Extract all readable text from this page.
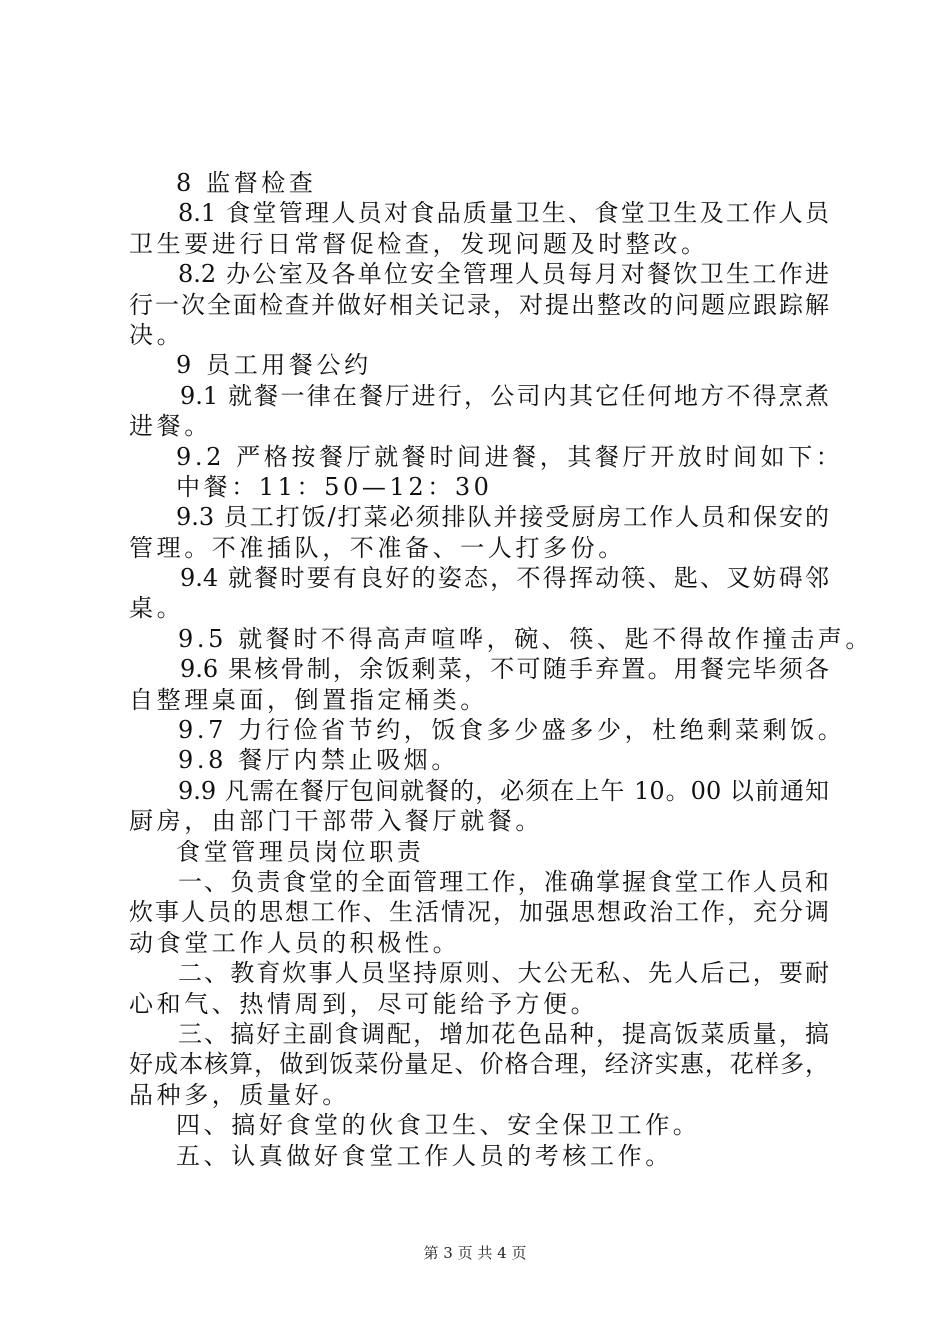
8 监督检查
8.1 食堂管理人员对食品质量卫生、食堂卫生及工作人员
卫生要进行日常督促检查，发现问题及时整改。
8.2 办公室及各单位安全管理人员每月对餐饮卫生工作进
行一次全面检查并做好相关记录，对提出整改的问题应跟踪解
决。
9 员工用餐公约
9.1 就餐一律在餐厅进行，公司内其它任何地方不得烹煮
进餐。
9.2 严格按餐厅就餐时间进餐，其餐厅开放时间如下：
中餐：11：50—12：30
9.3 员工打饭/打菜必须排队并接受厨房工作人员和保安的
管理。不准插队，不准备、一人打多份。
9.4 就餐时要有良好的姿态，不得挥动筷、匙、叉妨碍邻
桌。
9.5 就餐时不得高声喧哗，碗、筷、匙不得故作撞击声。
9.6 果核骨制，余饭剩菜，不可随手弃置。用餐完毕须各
自整理桌面，倒置指定桶类。
9.7 力行俭省节约，饭食多少盛多少，杜绝剩菜剩饭。
9.8 餐厅内禁止吸烟。
9.9 凡需在餐厅包间就餐的，必须在上午 10。00 以前通知
厨房，由部门干部带入餐厅就餐。
食堂管理员岗位职责
一、负责食堂的全面管理工作，准确掌握食堂工作人员和
炊事人员的思想工作、生活情况，加强思想政治工作，充分调
动食堂工作人员的积极性。
二、教育炊事人员坚持原则、大公无私、先人后己，要耐
心和气、热情周到，尽可能给予方便。
三、搞好主副食调配，增加花色品种，提高饭菜质量，搞
好成本核算，做到饭菜份量足、价格合理，经济实惠，花样多，
品种多，质量好。
四、搞好食堂的伙食卫生、安全保卫工作。
五、认真做好食堂工作人员的考核工作。
第 3 页 共 4 页
